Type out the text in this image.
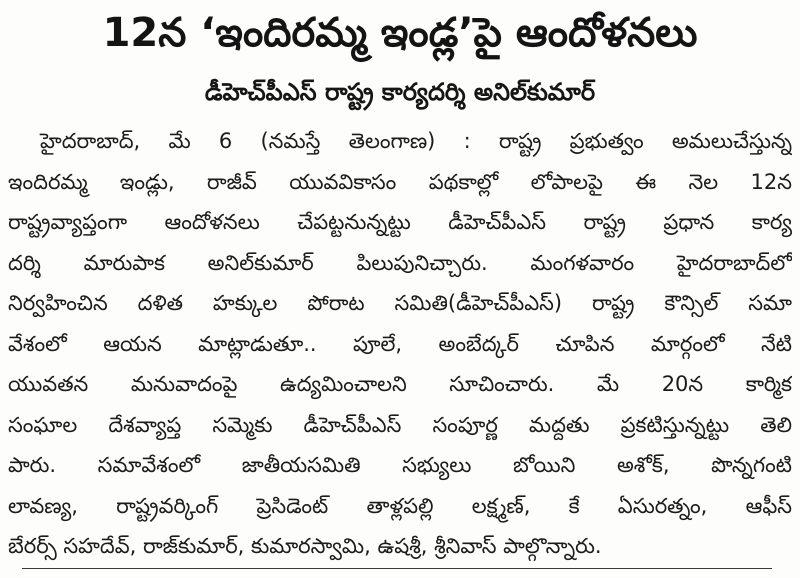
12న ‘ఇందిరమ్మ ఇండ్ల’పై ఆందోళనలు
డీహెచ్‌పీఎస్ రాష్ట్ర కార్యదర్శి అనిల్‌కుమార్
హైదరాబాద్, మే 6 (నమస్తే తెలంగాణ) : రాష్ట్ర ప్రభుత్వం అమలుచేస్తున్న
ఇందిరమ్మ ఇండ్లు, రాజీవ్ యువవికాసం పథకాల్లో లోపాలపై ఈ నెల 12న
రాష్ట్రవ్యాప్తంగా ఆందోళనలు చేపట్టనున్నట్టు డీహెచ్‌పీఎస్ రాష్ట్ర ప్రధాన కార్య
దర్శి మారుపాక అనిల్‌కుమార్ పిలుపునిచ్చారు. మంగళవారం హైదరాబాద్‌లో
నిర్వహించిన దళిత హక్కుల పోరాట సమితి(డీహెచ్‌పీఎస్) రాష్ట్ర కౌన్సిల్ సమా
వేశంలో ఆయన మాట్లాడుతూ.. పూలే, అంబేద్కర్ చూపిన మార్గంలో నేటి
యువతన మనువాదంపై ఉద్యమించాలని సూచించారు. మే 20న కార్మిక
సంఘాల దేశవ్యాప్త సమ్మెకు డీహెచ్‌పీఎస్ సంపూర్ణ మద్దతు ప్రకటిస్తున్నట్టు తెలి
పారు. సమావేశంలో జాతీయసమితి సభ్యులు బోయిని అశోక్, పొన్నగంటి
లావణ్య, రాష్ట్రవర్కింగ్ ప్రెసిడెంట్ తాళ్లపల్లి లక్ష్మణ్, కే ఏసురత్నం, ఆఫీస్
బేరర్స్ సహదేవ్, రాజ్‌కుమార్, కుమారస్వామి, ఉషశ్రీ, శ్రీనివాస్ పాల్గొన్నారు.
